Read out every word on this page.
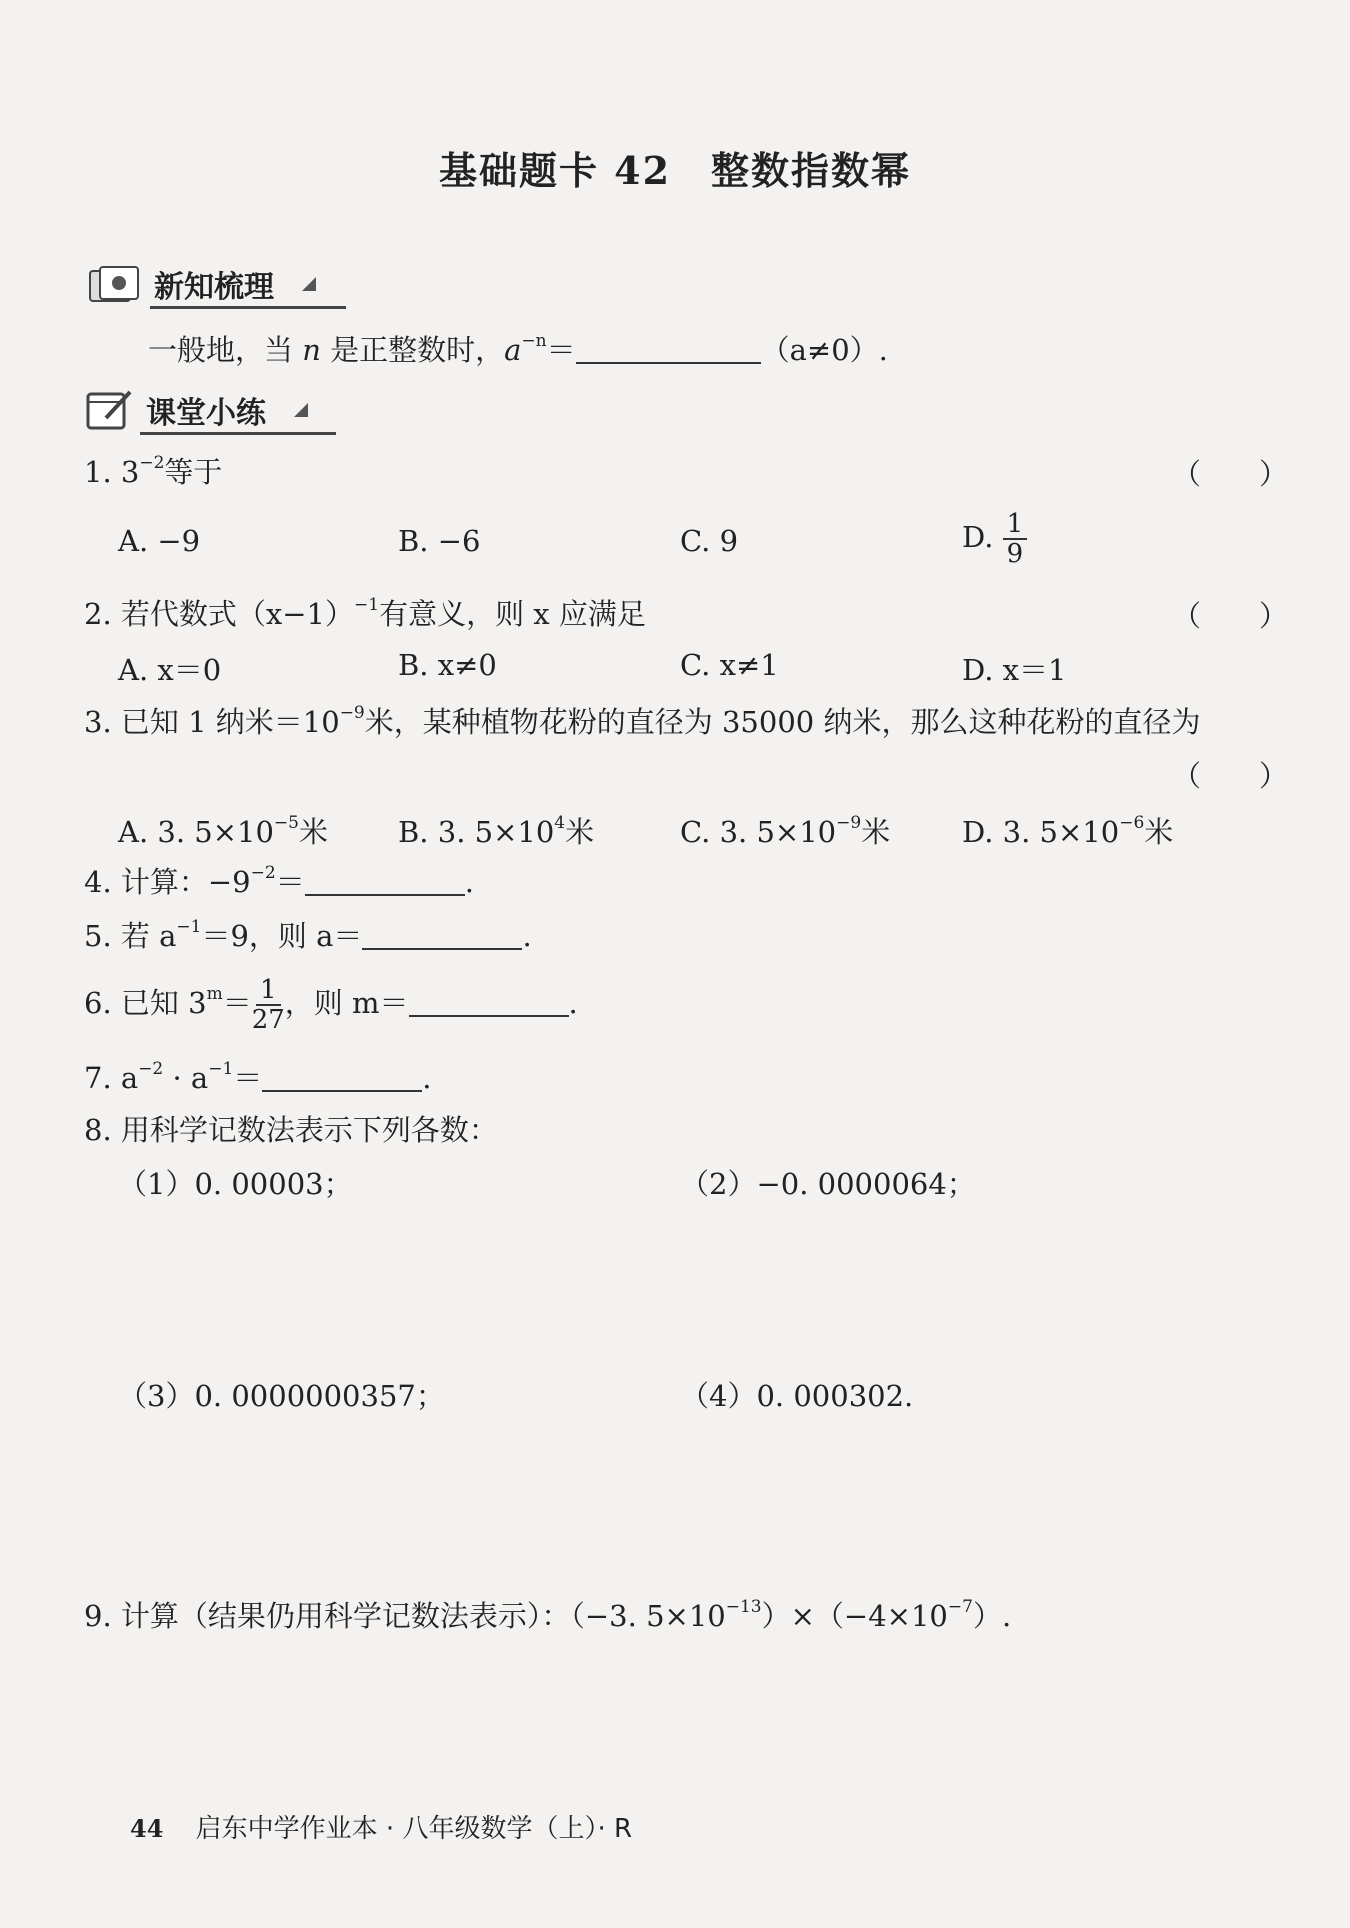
基础题卡 42　整数指数幂
新知梳理
一般地，当 n 是正整数时，$a^{-n}=$	（a≠0）.
课堂小练
1. $3^{-2}$等于	（　　）
A. −9	B. −6	C. 9	D. $\frac{1}{9}$
2. 若代数式$(x-1)^{-1}$有意义，则 x 应满足	（　　）
A. x＝0	B. x≠0	C. x≠1	D. x＝1
3. 已知 1 纳米$=10^{-9}$米，某种植物花粉的直径为 35000 纳米，那么这种花粉的直径为
（　　）
A. 3. $5\times 10^{-5}$米 B. 3. $5\times 10^4$米	C. 3. $5\times 10^{-9}$米 D. 3. $5\times 10^{-6}$米
4. 计算：$-9^{-2}=$	.
5. 若 $a^{-1}=9$，则 a＝	.
6. 已知 $3^m= \frac{1}{27}$ ，则 m＝	.
7. $a^{-2} \cdot a^{-1}=$	.
8. 用科学记数法表示下列各数：
（1）0. 00003；	（2）−0. 0000064；
（3）0. 0000000357；	（4）0. 000302.
9. 计算（结果仍用科学记数法表示）：（−3. $5\times 10^{-13})\times(-4\times 10^{-7})$.
44 启东中学作业本 · 八年级数学（上）· R
